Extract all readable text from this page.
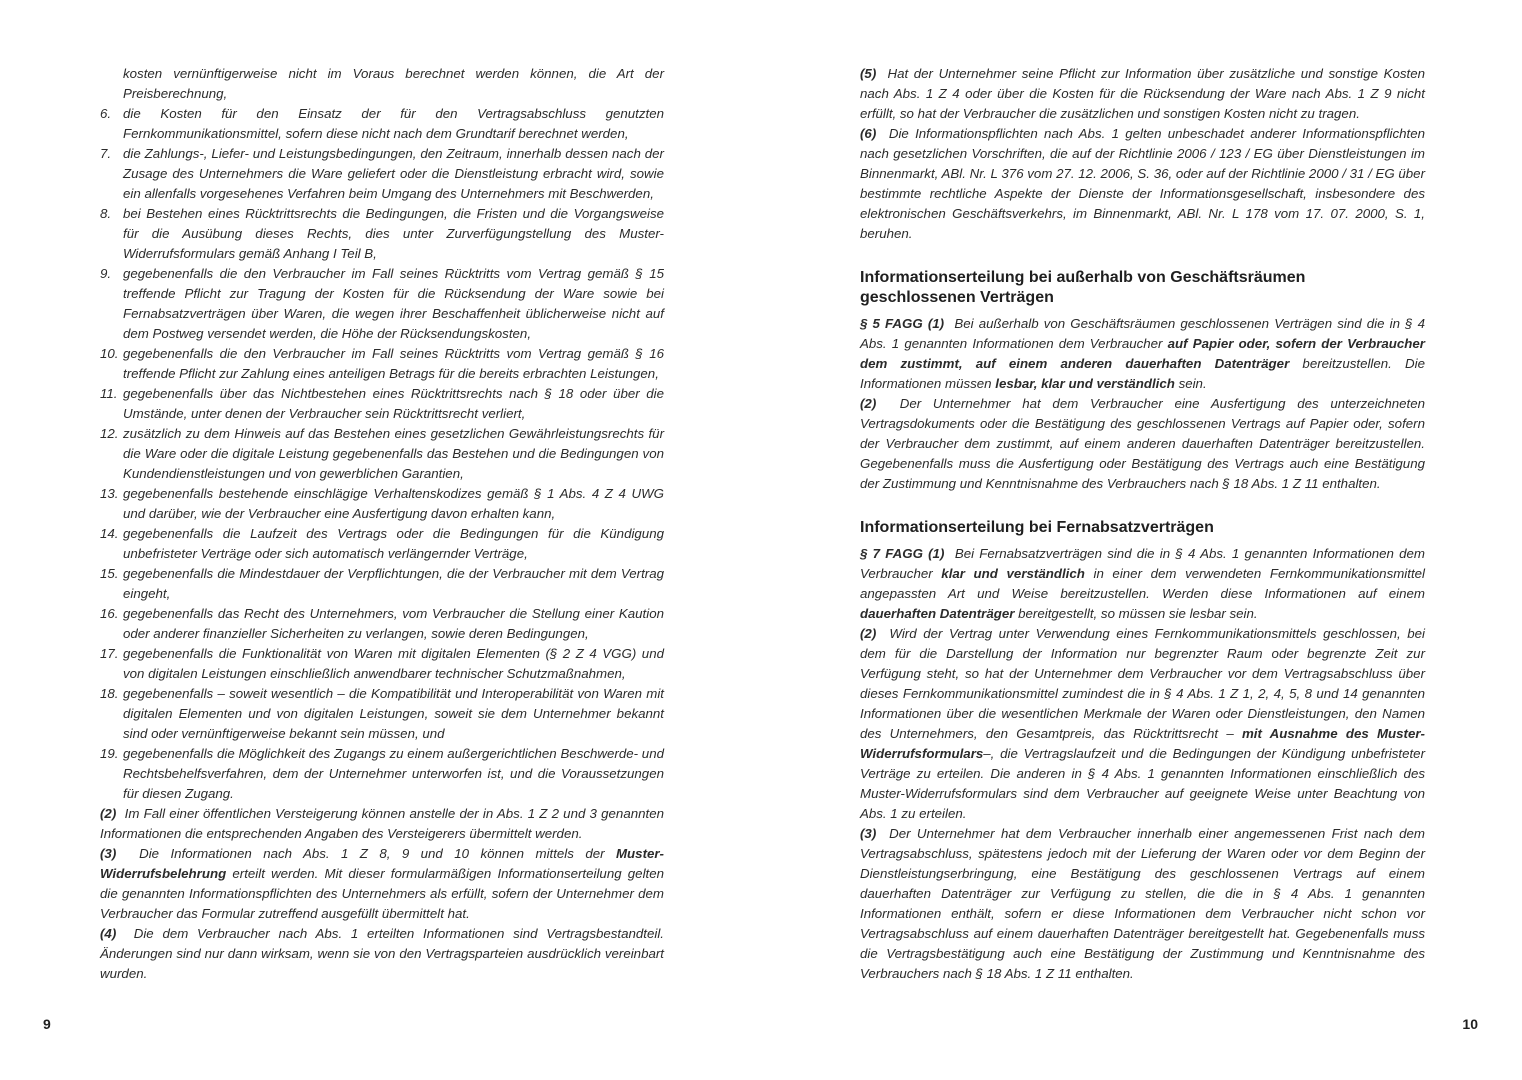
kosten vernünftigerweise nicht im Voraus berechnet werden können, die Art der Preisberechnung,
6. die Kosten für den Einsatz der für den Vertragsabschluss genutzten Fernkommunikationsmittel, sofern diese nicht nach dem Grundtarif berechnet werden,
7. die Zahlungs-, Liefer- und Leistungsbedingungen, den Zeitraum, innerhalb dessen nach der Zusage des Unternehmers die Ware geliefert oder die Dienstleistung erbracht wird, sowie ein allenfalls vorgesehenes Verfahren beim Umgang des Unternehmers mit Beschwerden,
8. bei Bestehen eines Rücktrittsrechts die Bedingungen, die Fristen und die Vorgangsweise für die Ausübung dieses Rechts, dies unter Zurverfügungstellung des Muster-Widerrufsformulars gemäß Anhang I Teil B,
9. gegebenenfalls die den Verbraucher im Fall seines Rücktritts vom Vertrag gemäß § 15 treffende Pflicht zur Tragung der Kosten für die Rücksendung der Ware sowie bei Fernabsatzverträgen über Waren, die wegen ihrer Beschaffenheit üblicherweise nicht auf dem Postweg versendet werden, die Höhe der Rücksendungskosten,
10. gegebenenfalls die den Verbraucher im Fall seines Rücktritts vom Vertrag gemäß § 16 treffende Pflicht zur Zahlung eines anteiligen Betrags für die bereits erbrachten Leistungen,
11. gegebenenfalls über das Nichtbestehen eines Rücktrittsrechts nach § 18 oder über die Umstände, unter denen der Verbraucher sein Rücktrittsrecht verliert,
12. zusätzlich zu dem Hinweis auf das Bestehen eines gesetzlichen Gewährleistungsrechts für die Ware oder die digitale Leistung gegebenenfalls das Bestehen und die Bedingungen von Kundendienstleistungen und von gewerblichen Garantien,
13. gegebenenfalls bestehende einschlägige Verhaltenskodizes gemäß § 1 Abs. 4 Z 4 UWG und darüber, wie der Verbraucher eine Ausfertigung davon erhalten kann,
14. gegebenenfalls die Laufzeit des Vertrags oder die Bedingungen für die Kündigung unbefristeter Verträge oder sich automatisch verlängernder Verträge,
15. gegebenenfalls die Mindestdauer der Verpflichtungen, die der Verbraucher mit dem Vertrag eingeht,
16. gegebenenfalls das Recht des Unternehmers, vom Verbraucher die Stellung einer Kaution oder anderer finanzieller Sicherheiten zu verlangen, sowie deren Bedingungen,
17. gegebenenfalls die Funktionalität von Waren mit digitalen Elementen (§ 2 Z 4 VGG) und von digitalen Leistungen einschließlich anwendbarer technischer Schutzmaßnahmen,
18. gegebenenfalls – soweit wesentlich – die Kompatibilität und Interoperabilität von Waren mit digitalen Elementen und von digitalen Leistungen, soweit sie dem Unternehmer bekannt sind oder vernünftigerweise bekannt sein müssen, und
19. gegebenenfalls die Möglichkeit des Zugangs zu einem außergerichtlichen Beschwerde- und Rechtsbehelfsverfahren, dem der Unternehmer unterworfen ist, und die Voraussetzungen für diesen Zugang.
(2) Im Fall einer öffentlichen Versteigerung können anstelle der in Abs. 1 Z 2 und 3 genannten Informationen die entsprechenden Angaben des Versteigerers übermittelt werden.
(3) Die Informationen nach Abs. 1 Z 8, 9 und 10 können mittels der Muster-Widerrufsbelehrung erteilt werden. Mit dieser formularmäßigen Informationserteilung gelten die genannten Informationspflichten des Unternehmers als erfüllt, sofern der Unternehmer dem Verbraucher das Formular zutreffend ausgefüllt übermittelt hat.
(4) Die dem Verbraucher nach Abs. 1 erteilten Informationen sind Vertragsbestandteil. Änderungen sind nur dann wirksam, wenn sie von den Vertragsparteien ausdrücklich vereinbart wurden.
(5) Hat der Unternehmer seine Pflicht zur Information über zusätzliche und sonstige Kosten nach Abs. 1 Z 4 oder über die Kosten für die Rücksendung der Ware nach Abs. 1 Z 9 nicht erfüllt, so hat der Verbraucher die zusätzlichen und sonstigen Kosten nicht zu tragen.
(6) Die Informationspflichten nach Abs. 1 gelten unbeschadet anderer Informationspflichten nach gesetzlichen Vorschriften, die auf der Richtlinie 2006 / 123 / EG über Dienstleistungen im Binnenmarkt, ABl. Nr. L 376 vom 27. 12. 2006, S. 36, oder auf der Richtlinie 2000 / 31 / EG über bestimmte rechtliche Aspekte der Dienste der Informationsgesellschaft, insbesondere des elektronischen Geschäftsverkehrs, im Binnenmarkt, ABl. Nr. L 178 vom 17. 07. 2000, S. 1, beruhen.
Informationserteilung bei außerhalb von Geschäftsräumen
geschlossenen Verträgen
§ 5 FAGG (1) Bei außerhalb von Geschäftsräumen geschlossenen Verträgen sind die in § 4 Abs. 1 genannten Informationen dem Verbraucher auf Papier oder, sofern der Verbraucher dem zustimmt, auf einem anderen dauerhaften Datenträger bereitzustellen. Die Informationen müssen lesbar, klar und verständlich sein.
(2) Der Unternehmer hat dem Verbraucher eine Ausfertigung des unterzeichneten Vertragsdokuments oder die Bestätigung des geschlossenen Vertrags auf Papier oder, sofern der Verbraucher dem zustimmt, auf einem anderen dauerhaften Datenträger bereitzustellen. Gegebenenfalls muss die Ausfertigung oder Bestätigung des Vertrags auch eine Bestätigung der Zustimmung und Kenntnisnahme des Verbrauchers nach § 18 Abs. 1 Z 11 enthalten.
Informationserteilung bei Fernabsatzverträgen
§ 7 FAGG (1) Bei Fernabsatzverträgen sind die in § 4 Abs. 1 genannten Informationen dem Verbraucher klar und verständlich in einer dem verwendeten Fernkommunikationsmittel angepassten Art und Weise bereitzustellen. Werden diese Informationen auf einem dauerhaften Datenträger bereitgestellt, so müssen sie lesbar sein.
(2) Wird der Vertrag unter Verwendung eines Fernkommunikationsmittels geschlossen, bei dem für die Darstellung der Information nur begrenzter Raum oder begrenzte Zeit zur Verfügung steht, so hat der Unternehmer dem Verbraucher vor dem Vertragsabschluss über dieses Fernkommunikationsmittel zumindest die in § 4 Abs. 1 Z 1, 2, 4, 5, 8 und 14 genannten Informationen über die wesentlichen Merkmale der Waren oder Dienstleistungen, den Namen des Unternehmers, den Gesamtpreis, das Rücktrittsrecht – mit Ausnahme des Muster-Widerrufsformulars–, die Vertragslaufzeit und die Bedingungen der Kündigung unbefristeter Verträge zu erteilen. Die anderen in § 4 Abs. 1 genannten Informationen einschließlich des Muster-Widerrufsformulars sind dem Verbraucher auf geeignete Weise unter Beachtung von Abs. 1 zu erteilen.
(3) Der Unternehmer hat dem Verbraucher innerhalb einer angemessenen Frist nach dem Vertragsabschluss, spätestens jedoch mit der Lieferung der Waren oder vor dem Beginn der Dienstleistungserbringung, eine Bestätigung des geschlossenen Vertrags auf einem dauerhaften Datenträger zur Verfügung zu stellen, die die in § 4 Abs. 1 genannten Informationen enthält, sofern er diese Informationen dem Verbraucher nicht schon vor Vertragsabschluss auf einem dauerhaften Datenträger bereitgestellt hat. Gegebenenfalls muss die Vertragsbestätigung auch eine Bestätigung der Zustimmung und Kenntnisnahme des Verbrauchers nach § 18 Abs. 1 Z 11 enthalten.
9	10
